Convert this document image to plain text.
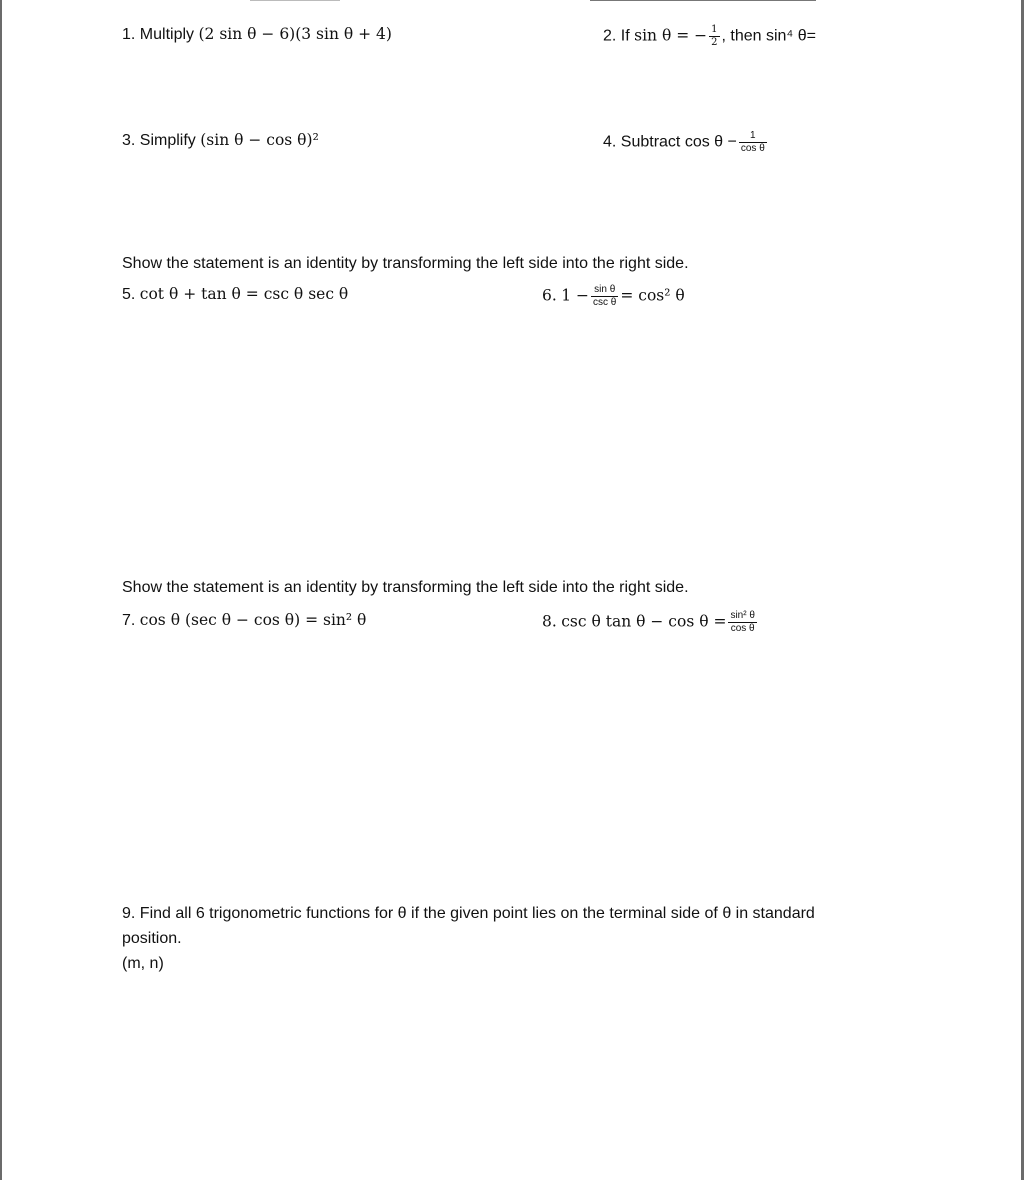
1. Multiply (2 sin θ − 6)(3 sin θ + 4)	2. If sin θ = − $\frac{1}{2}$ , then sin⁴ θ=
3. Simplify (sin θ − cos θ)²	4. Subtract $\cos \theta - \frac{1}{\text{cos θ}}$
Show the statement is an identity by transforming the left side into the right side.
5. cot θ + tan θ = csc θ sec θ	6. $1 - \frac{\text{sin θ}}{\text{csc θ}} = \cos^2$ θ
Show the statement is an identity by transforming the left side into the right side.
7. cos θ (sec θ − cos θ) = sin² θ	8. csc θ $\tan \theta - \cos \theta = \frac{\text{sin² θ}}{\text{cos θ}}$
9. Find all 6 trigonometric functions for θ if the given point lies on the terminal side of θ in standard
position.
(m, n)
